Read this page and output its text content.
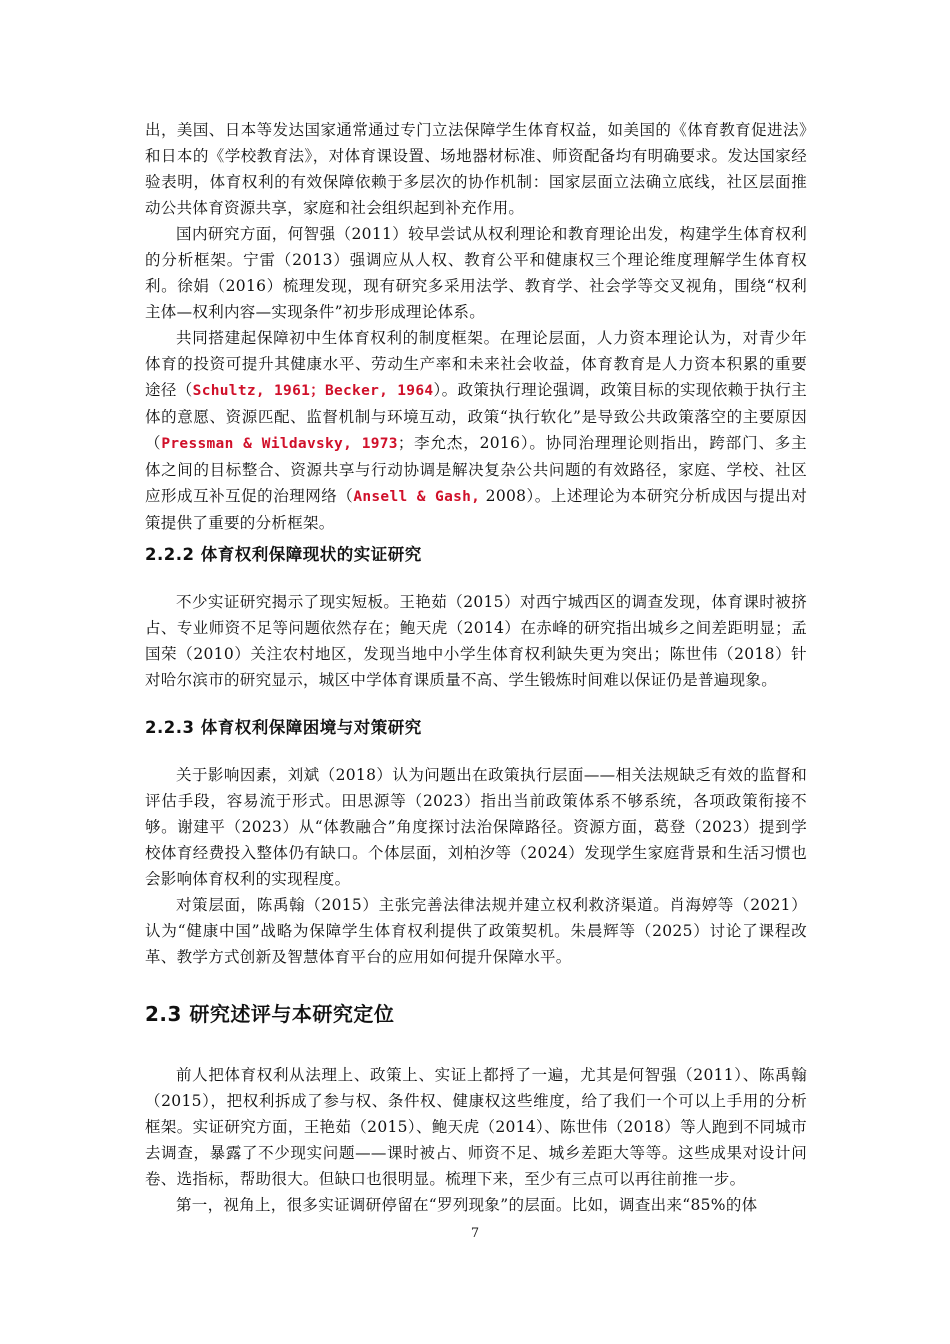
出，美国、日本等发达国家通常通过专门立法保障学生体育权益，如美国的《体育教育促进法》和日本的《学校教育法》，对体育课设置、场地器材标准、师资配备均有明确要求。发达国家经验表明，体育权利的有效保障依赖于多层次的协作机制：国家层面立法确立底线，社区层面推动公共体育资源共享，家庭和社会组织起到补充作用。

国内研究方面，何智强（2011）较早尝试从权利理论和教育理论出发，构建学生体育权利的分析框架。宁雷（2013）强调应从人权、教育公平和健康权三个理论维度理解学生体育权利。徐娟（2016）梳理发现，现有研究多采用法学、教育学、社会学等交叉视角，围绕“权利主体—权利内容—实现条件”初步形成理论体系。

共同搭建起保障初中生体育权利的制度框架。在理论层面，人力资本理论认为，对青少年体育的投资可提升其健康水平、劳动生产率和未来社会收益，体育教育是人力资本积累的重要途径（Schultz, 1961；Becker, 1964）。政策执行理论强调，政策目标的实现依赖于执行主体的意愿、资源匹配、监督机制与环境互动，政策“执行软化”是导致公共政策落空的主要原因（Pressman & Wildavsky, 1973；李允杰，2016）。协同治理理论则指出，跨部门、多主体之间的目标整合、资源共享与行动协调是解决复杂公共问题的有效路径，家庭、学校、社区应形成互补互促的治理网络（Ansell & Gash, 2008）。上述理论为本研究分析成因与提出对策提供了重要的分析框架。

2.2.2 体育权利保障现状的实证研究

不少实证研究揭示了现实短板。王艳茹（2015）对西宁城西区的调查发现，体育课时被挤占、专业师资不足等问题依然存在；鲍天虎（2014）在赤峰的研究指出城乡之间差距明显；孟国荣（2010）关注农村地区，发现当地中小学生体育权利缺失更为突出；陈世伟（2018）针对哈尔滨市的研究显示，城区中学体育课质量不高、学生锻炼时间难以保证仍是普遍现象。

2.2.3 体育权利保障困境与对策研究

关于影响因素，刘斌（2018）认为问题出在政策执行层面——相关法规缺乏有效的监督和评估手段，容易流于形式。田思源等（2023）指出当前政策体系不够系统，各项政策衔接不够。谢建平（2023）从“体教融合”角度探讨法治保障路径。资源方面，葛登（2023）提到学校体育经费投入整体仍有缺口。个体层面，刘柏汐等（2024）发现学生家庭背景和生活习惯也会影响体育权利的实现程度。

对策层面，陈禹翰（2015）主张完善法律法规并建立权利救济渠道。肖海婷等（2021）认为“健康中国”战略为保障学生体育权利提供了政策契机。朱晨辉等（2025）讨论了课程改革、教学方式创新及智慧体育平台的应用如何提升保障水平。

2.3 研究述评与本研究定位

前人把体育权利从法理上、政策上、实证上都捋了一遍，尤其是何智强（2011）、陈禹翰（2015），把权利拆成了参与权、条件权、健康权这些维度，给了我们一个可以上手用的分析框架。实证研究方面，王艳茹（2015）、鲍天虎（2014）、陈世伟（2018）等人跑到不同城市去调查，暴露了不少现实问题——课时被占、师资不足、城乡差距大等等。这些成果对设计问卷、选指标，帮助很大。但缺口也很明显。梳理下来，至少有三点可以再往前推一步。

第一，视角上，很多实证调研停留在“罗列现象”的层面。比如，调查出来“85%的体

7
